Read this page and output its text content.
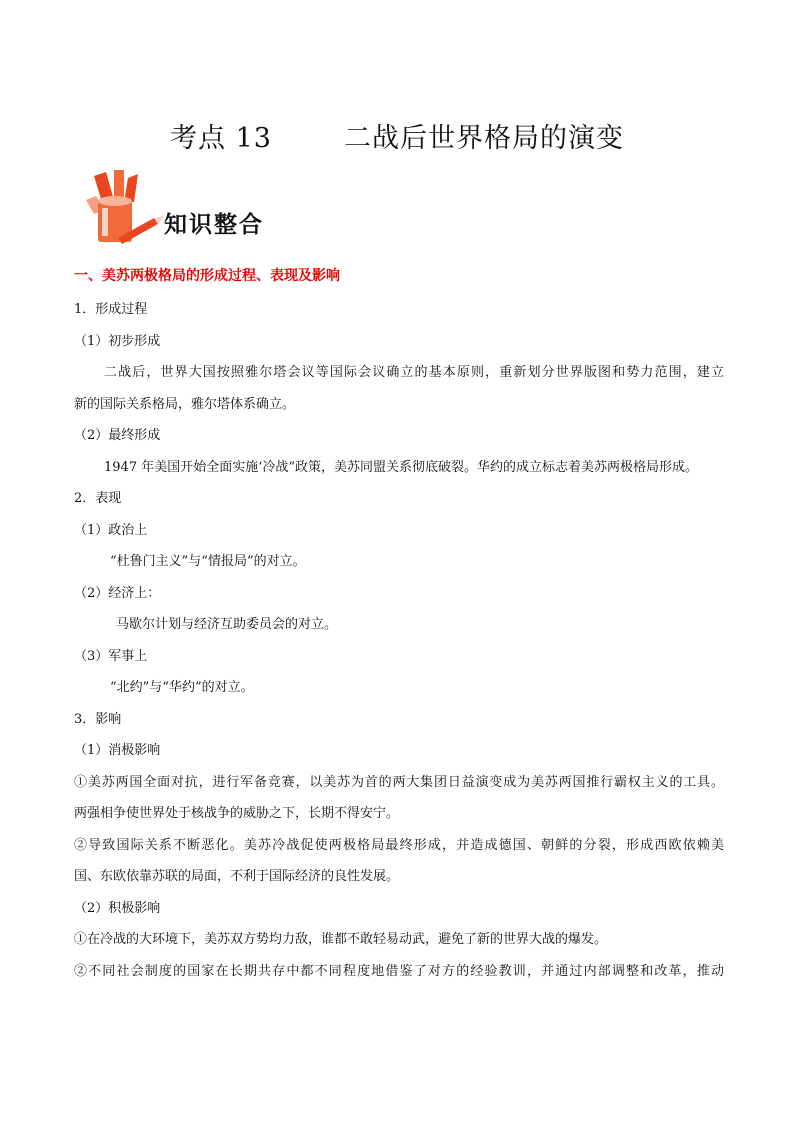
考点 13	二战后世界格局的演变
知识整合
一、美苏两极格局的形成过程、表现及影响
1．形成过程
（1）初步形成
二战后，世界大国按照雅尔塔会议等国际会议确立的基本原则，重新划分世界版图和势力范围，建立
新的国际关系格局，雅尔塔体系确立。
（2）最终形成
1947 年美国开始全面实施‘冷战”政策，美苏同盟关系彻底破裂。华约的成立标志着美苏两极格局形成。
2．表现
（1）政治上
“杜鲁门主义”与“情报局”的对立。
（2）经济上：
马歇尔计划与经济互助委员会的对立。
（3）军事上
“北约”与“华约”的对立。
3．影响
（1）消极影响
①美苏两国全面对抗，进行军备竞赛，以美苏为首的两大集团日益演变成为美苏两国推行霸权主义的工具。
两强相争使世界处于核战争的威胁之下，长期不得安宁。
②导致国际关系不断恶化。美苏冷战促使两极格局最终形成，并造成德国、朝鲜的分裂，形成西欧依赖美
国、东欧依靠苏联的局面，不利于国际经济的良性发展。
（2）积极影响
①在冷战的大环境下，美苏双方势均力敌，谁都不敢轻易动武，避免了新的世界大战的爆发。
②不同社会制度的国家在长期共存中都不同程度地借鉴了对方的经验教训，并通过内部调整和改革，推动
